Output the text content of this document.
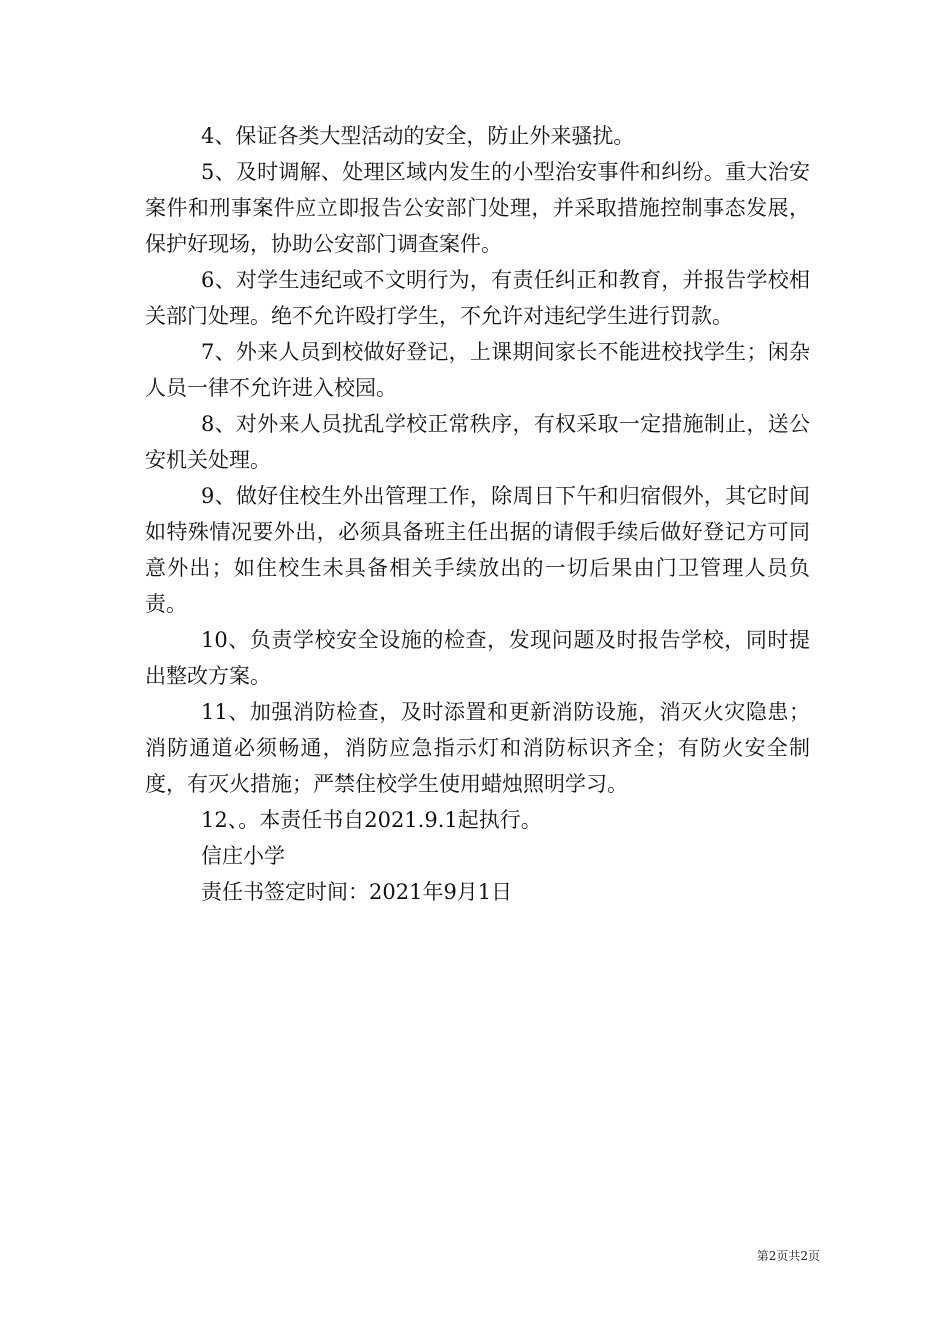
4、保证各类大型活动的安全，防止外来骚扰。

5、及时调解、处理区域内发生的小型治安事件和纠纷。重大治安案件和刑事案件应立即报告公安部门处理，并采取措施控制事态发展，保护好现场，协助公安部门调查案件。

6、对学生违纪或不文明行为，有责任纠正和教育，并报告学校相关部门处理。绝不允许殴打学生，不允许对违纪学生进行罚款。

7、外来人员到校做好登记，上课期间家长不能进校找学生；闲杂人员一律不允许进入校园。

8、对外来人员扰乱学校正常秩序，有权采取一定措施制止，送公安机关处理。

9、做好住校生外出管理工作，除周日下午和归宿假外，其它时间如特殊情况要外出，必须具备班主任出据的请假手续后做好登记方可同意外出；如住校生未具备相关手续放出的一切后果由门卫管理人员负责。

10、负责学校安全设施的检查，发现问题及时报告学校，同时提出整改方案。

11、加强消防检查，及时添置和更新消防设施，消灭火灾隐患；消防通道必须畅通，消防应急指示灯和消防标识齐全；有防火安全制度，有灭火措施；严禁住校学生使用蜡烛照明学习。

12、。本责任书自2021.9.1起执行。

信庄小学

责任书签定时间：2021年9月1日

第2页共2页
